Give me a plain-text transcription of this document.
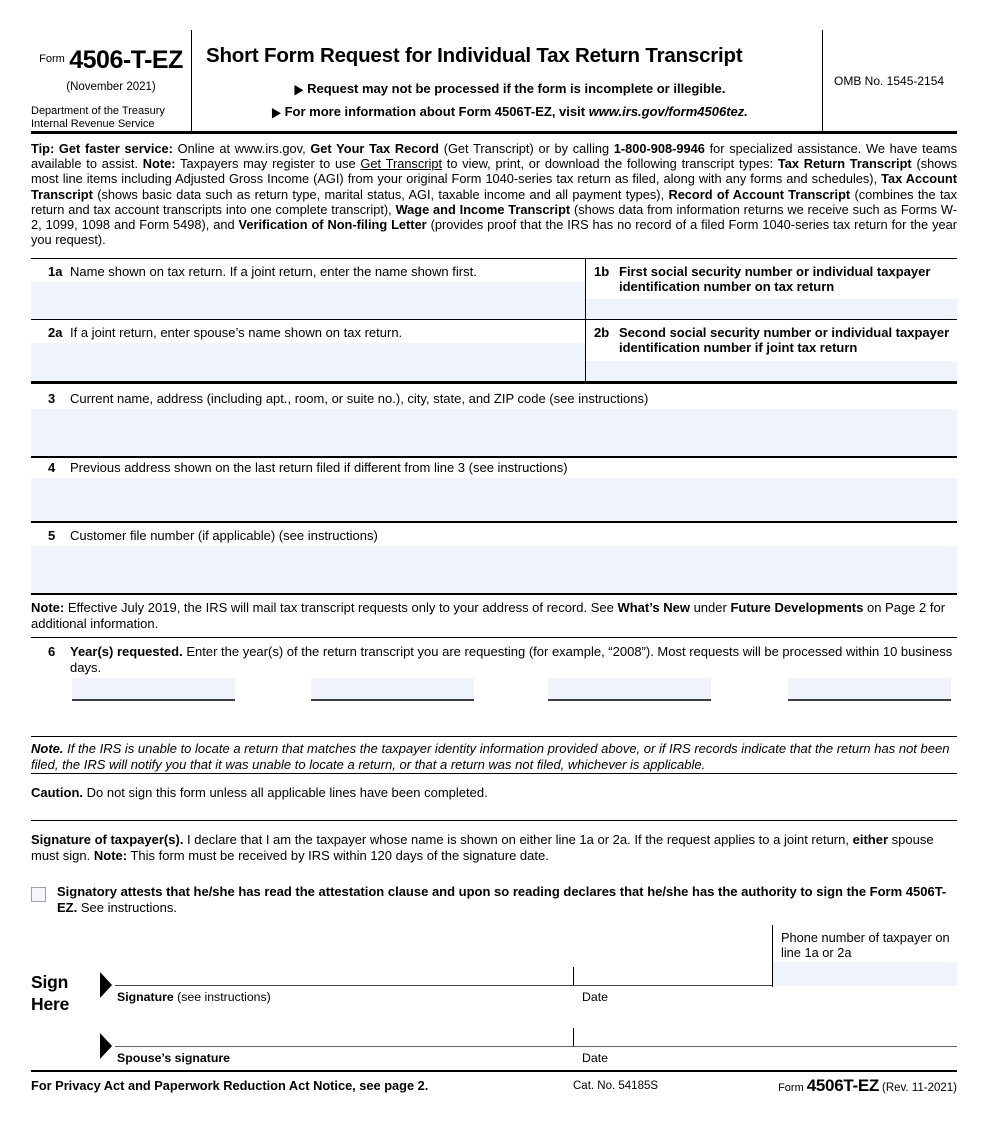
$^{Form}$ 4506-T-EZ
(November 2021)
Department of the Treasury
Internal Revenue Service
Short Form Request for Individual Tax Return Transcript
▶ Request may not be processed if the form is incomplete or illegible.
▶ For more information about Form 4506T-EZ, visit www.irs.gov/form4506tez.
OMB No. 1545-2154
Tip: Get faster service: Online at www.irs.gov, Get Your Tax Record (Get Transcript) or by calling 1-800-908-9946 for specialized assistance. We have teams available to assist. Note: Taxpayers may register to use Get Transcript to view, print, or download the following transcript types: Tax Return Transcript (shows most line items including Adjusted Gross Income (AGI) from your original Form 1040-series tax return as filed, along with any forms and schedules), Tax Account Transcript (shows basic data such as return type, marital status, AGI, taxable income and all payment types), Record of Account Transcript (combines the tax return and tax account transcripts into one complete transcript), Wage and Income Transcript (shows data from information returns we receive such as Forms W-2, 1099, 1098 and Form 5498), and Verification of Non-filing Letter (provides proof that the IRS has no record of a filed Form 1040-series tax return for the year you request).
1a Name shown on tax return. If a joint return, enter the name shown first.	1b First social security number or individual taxpayer identification number on tax return
2a If a joint return, enter spouse’s name shown on tax return.	2b Second social security number or individual taxpayer identification number if joint tax return
3 Current name, address (including apt., room, or suite no.), city, state, and ZIP code (see instructions)
4 Previous address shown on the last return filed if different from line 3 (see instructions)
5 Customer file number (if applicable) (see instructions)
Note: Effective July 2019, the IRS will mail tax transcript requests only to your address of record. See What’s New under Future Developments on Page 2 for additional information.
6 Year(s) requested. Enter the year(s) of the return transcript you are requesting (for example, “2008”). Most requests will be processed within 10 business days.
Note. If the IRS is unable to locate a return that matches the taxpayer identity information provided above, or if IRS records indicate that the return has not been filed, the IRS will notify you that it was unable to locate a return, or that a return was not filed, whichever is applicable.
Caution. Do not sign this form unless all applicable lines have been completed.
Signature of taxpayer(s). I declare that I am the taxpayer whose name is shown on either line 1a or 2a. If the request applies to a joint return, either spouse must sign. Note: This form must be received by IRS within 120 days of the signature date.
Signatory attests that he/she has read the attestation clause and upon so reading declares that he/she has the authority to sign the Form 4506T-EZ. See instructions.
Sign
Here
Phone number of taxpayer on line 1a or 2a
Signature (see instructions)	Date
Spouse’s signature	Date
For Privacy Act and Paperwork Reduction Act Notice, see page 2.	Cat. No. 54185S	Form 4506T-EZ (Rev. 11-2021)
